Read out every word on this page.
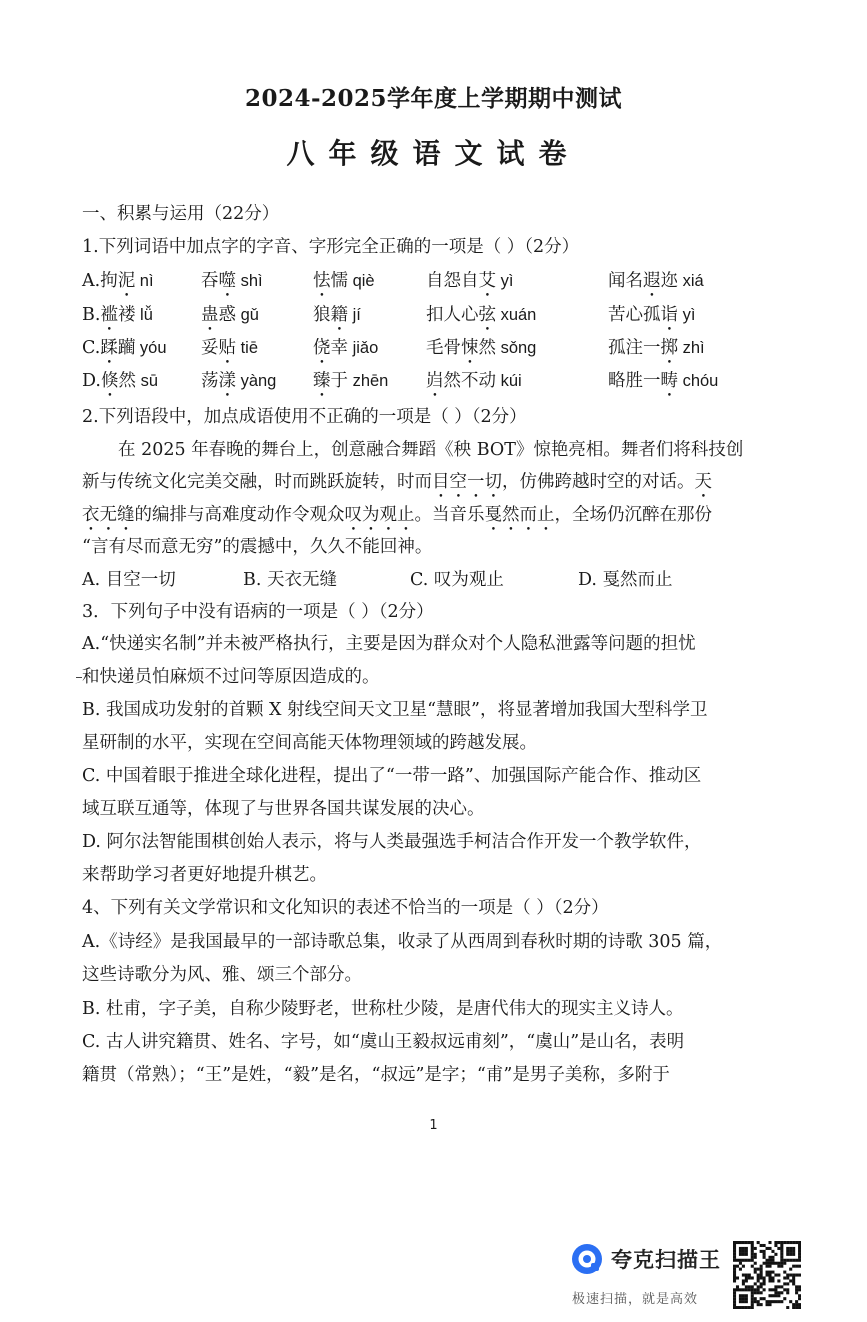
2024-2025学年度上学期期中测试
八年级语文试卷
一、积累与运用（22分）
1.下列词语中加点字的字音、字形完全正确的一项是（ ）（2分）
A.拘泥 nì	吞噬 shì	怯懦 qiè	自怨自艾 yì	闻名遐迩 xiá
B.褴褛 lǚ	蛊惑 gǔ	狼籍 jí	扣人心弦 xuán	苦心孤诣 yì
C.蹂躏 yóu 妥贴 tiē	侥幸 jiǎo	毛骨悚然 sǒng	孤注一掷 zhì
D.倏然 sū 荡漾 yàng 臻于 zhēn 岿然不动 kúi	略胜一畴 chóu
2.下列语段中，加点成语使用不正确的一项是（ ）（2分）
在 2025 年春晚的舞台上，创意融合舞蹈《秧 BOT》惊艳亮相。舞者们将科技创
新与传统文化完美交融，时而跳跃旋转，时而目空一切，仿佛跨越时空的对话。天
衣无缝的编排与高难度动作令观众叹为观止。当音乐戛然而止，全场仍沉醉在那份
“言有尽而意无穷”的震撼中，久久不能回神。
A. 目空一切	B. 天衣无缝	C. 叹为观止	D. 戛然而止
3．下列句子中没有语病的一项是（ ）（2分）
A.“快递实名制”并未被严格执行，主要是因为群众对个人隐私泄露等问题的担忧
和快递员怕麻烦不过问等原因造成的。
B. 我国成功发射的首颗 X 射线空间天文卫星“慧眼”，将显著增加我国大型科学卫
星研制的水平，实现在空间高能天体物理领域的跨越发展。
C. 中国着眼于推进全球化进程，提出了“一带一路”、加强国际产能合作、推动区
域互联互通等，体现了与世界各国共谋发展的决心。
D. 阿尔法智能围棋创始人表示，将与人类最强选手柯洁合作开发一个教学软件，
来帮助学习者更好地提升棋艺。
4、下列有关文学常识和文化知识的表述不恰当的一项是（ ）（2分）
A.《诗经》是我国最早的一部诗歌总集，收录了从西周到春秋时期的诗歌 305 篇，
这些诗歌分为风、雅、颂三个部分。
B. 杜甫，字子美，自称少陵野老，世称杜少陵，是唐代伟大的现实主义诗人。
C. 古人讲究籍贯、姓名、字号，如“虞山王毅叔远甫刻”，“虞山”是山名，表明
籍贯（常熟）；“王”是姓，“毅”是名，“叔远”是字；“甫”是男子美称，多附于
1
夸克扫描王
极速扫描，就是高效
